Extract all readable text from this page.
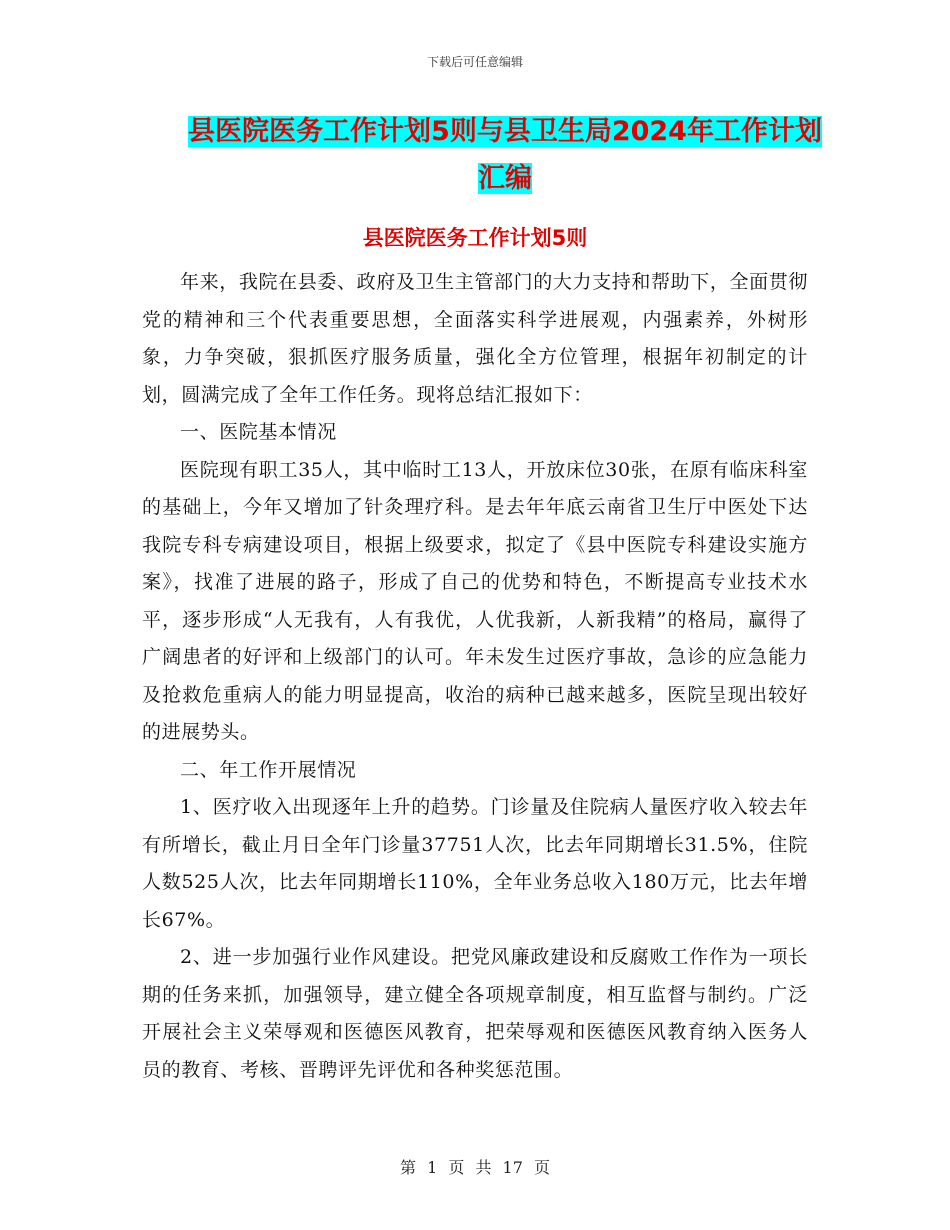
下载后可任意编辑
县医院医务工作计划5则与县卫生局2024年工作计划汇编
县医院医务工作计划5则

年来，我院在县委、政府及卫生主管部门的大力支持和帮助下，全面贯彻党的精神和三个代表重要思想，全面落实科学进展观，内强素养，外树形象，力争突破，狠抓医疗服务质量，强化全方位管理，根据年初制定的计划，圆满完成了全年工作任务。现将总结汇报如下：

一、医院基本情况

医院现有职工35人，其中临时工13人，开放床位30张，在原有临床科室的基础上，今年又增加了针灸理疗科。是去年年底云南省卫生厅中医处下达我院专科专病建设项目，根据上级要求，拟定了《县中医院专科建设实施方案》，找准了进展的路子，形成了自己的优势和特色，不断提高专业技术水平，逐步形成“人无我有，人有我优，人优我新，人新我精”的格局，赢得了广阔患者的好评和上级部门的认可。年未发生过医疗事故，急诊的应急能力及抢救危重病人的能力明显提高，收治的病种已越来越多，医院呈现出较好的进展势头。

二、年工作开展情况

1、医疗收入出现逐年上升的趋势。门诊量及住院病人量医疗收入较去年有所增长，截止月日全年门诊量37751人次，比去年同期增长31.5%，住院人数525人次，比去年同期增长110%，全年业务总收入180万元，比去年增长67%。

2、进一步加强行业作风建设。把党风廉政建设和反腐败工作作为一项长期的任务来抓，加强领导，建立健全各项规章制度，相互监督与制约。广泛开展社会主义荣辱观和医德医风教育，把荣辱观和医德医风教育纳入医务人员的教育、考核、晋聘评先评优和各种奖惩范围。

第 1 页 共 17 页
